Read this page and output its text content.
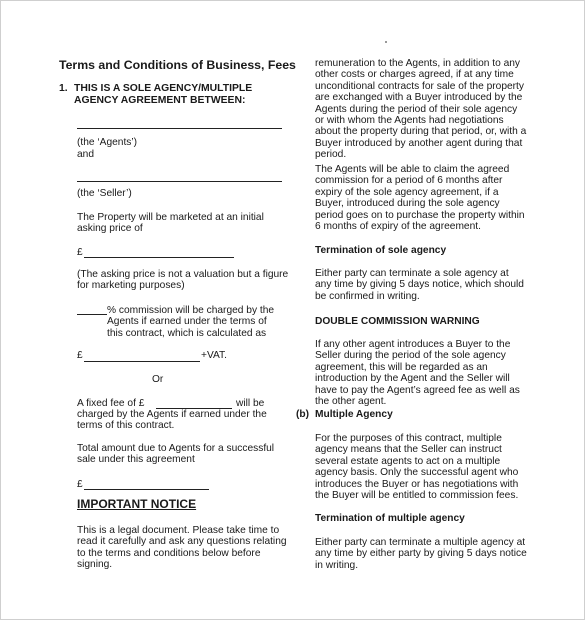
Terms and Conditions of Business, Fees

1. THIS IS A SOLE AGENCY/MULTIPLE AGENCY AGREEMENT BETWEEN:

(the ‘Agents’)

and

(the ‘Seller’)

The Property will be marketed at an initial asking price of

£

(The asking price is not a valuation but a figure for marketing purposes)

% commission will be charged by the Agents if earned under the terms of this contract, which is calculated as

£	+VAT.

Or

A fixed fee of £	will be

charged by the Agents if earned under the terms of this contract.

Total amount due to Agents for a successful sale under this agreement

£

IMPORTANT NOTICE

This is a legal document. Please take time to read it carefully and ask any questions relating to the terms and conditions below before signing.

remuneration to the Agents, in addition to any other costs or charges agreed, if at any time unconditional contracts for sale of the property are exchanged with a Buyer introduced by the Agents during the period of their sole agency or with whom the Agents had negotiations about the property during that period, or, with a Buyer introduced by another agent during that period.

The Agents will be able to claim the agreed commission for a period of 6 months after expiry of the sole agency agreement, if a Buyer, introduced during the sole agency period goes on to purchase the property within 6 months of expiry of the agreement.

Termination of sole agency

Either party can terminate a sole agency at any time by giving 5 days notice, which should be confirmed in writing.

DOUBLE COMMISSION WARNING

If any other agent introduces a Buyer to the Seller during the period of the sole agency agreement, this will be regarded as an introduction by the Agent and the Seller will have to pay the Agent’s agreed fee as well as the other agent.

(b) Multiple Agency

For the purposes of this contract, multiple agency means that the Seller can instruct several estate agents to act on a multiple agency basis. Only the successful agent who introduces the Buyer or has negotiations with the Buyer will be entitled to commission fees.

Termination of multiple agency

Either party can terminate a multiple agency at any time by either party by giving 5 days notice in writing.
